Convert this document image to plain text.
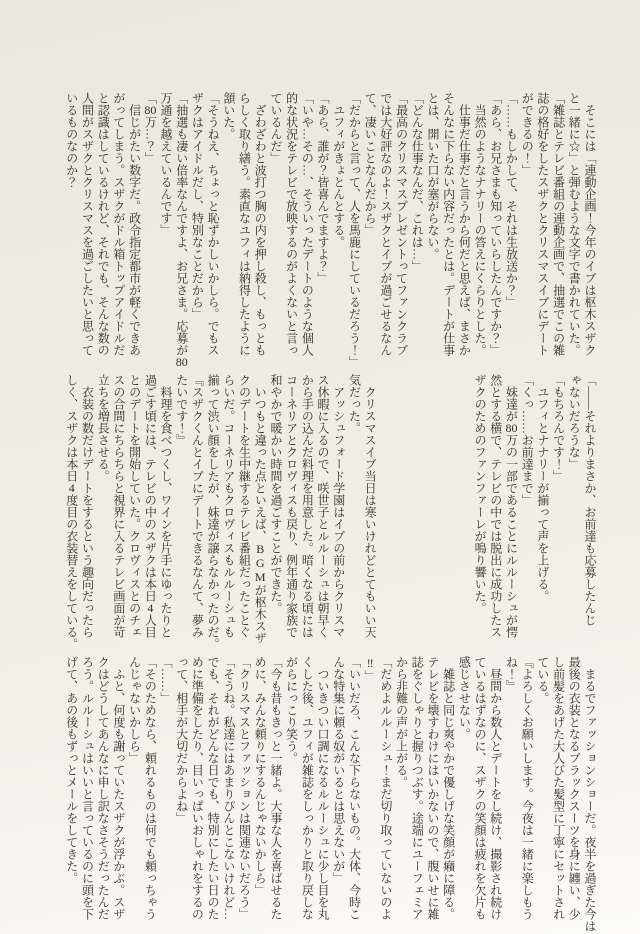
　そこには「連動企画！今年のイブは枢木スザク
と一緒に☆」と弾むような文字で書かれていた。
「雑誌とテレビ番組の連動企画で、抽選でこの雑
誌の格好をしたスザクとクリスマスイブにデート
ができるの！」
「……もしかして、それは生放送か？」
「あら、お兄さまも知っていらしたんですか？」
　当然のようなナナリーの答えにくらりとした。
　仕事だ仕事だと言うから何だと思えば、まさか
そんなに下らない内容だったとは。デートが仕事
とは、開いた口が塞がらない。
「どんな仕事なんだ、これは…」
「最高のクリスマスプレゼントってファンクラブ
では大好評なのよ！スザクとイブが過ごせるなん
て、凄いことなんだから」
「だからと言って、人を馬鹿にしているだろう！」
　ユフィがきょとんとする。
「あら、誰が？皆喜んでますよ？」
「いや…その…、そういったデートのような個人
的な状況をテレビで放映するのがよくないと言っ
ているんだ」
　ざわざわと波打つ胸の内を押し殺し、もっとも
らしく取り繕う。素直なユフィは納得したように
頷いた。
「そうねえ、ちょっと恥ずかしいかしら。でもス
ザクはアイドルだし、特別なことだから」
「抽選も凄い倍率なんですよ、お兄さま。応募が80
万通を越えているんです」
「80万…？」
　信じがたい数字だ。政令指定都市が軽くできあ
がってしまう。スザクがドル箱トップアイドルだ
と認識はしているけれど、それでも、そんな数の
人間がスザクとクリスマスを過ごしたいと思って
いるものなのか？
「――それよりまさか、お前達も応募したんじ
ゃないだろうな」
「もちろんです！」
　ユフィとナナリーが揃って声を上げる。
「くっ……お前達まで」
　妹達が80万の一部であることにルルーシュが愕
然とする横で、テレビの中では脱出に成功したス
ザクのためのファンファーレが鳴り響いた。
　クリスマスイブ当日は寒いけれどとてもいい天
気だった。
　アッシュフォード学園はイブの前からクリスマ
ス休暇に入るので、咲世子とルルーシュは朝早く
から手の込んだ料理を用意した。暗くなる頃には
コーネリアとクロヴィスも戻り、例年通り家族で
和やかで暖かい時間を過ごすことができた。
　いつもと違った点といえば、BGMが枢木スザ
クのデートを生中継するテレビ番組だったことぐ
らいだ。コーネリアもクロヴィスもルルーシュも
揃って渋い顔をしたが、妹達が譲らなかったのだ。
『スザクくんとイブにデートできるなんて、夢み
たいです！』
　料理を食べつくし、ワインを片手にゆったりと
過ごす頃には、テレビの中のスザクは本日4人目
とのデートを開始していた。クロヴィスとのチェ
スの合間にちらちらと視界に入るテレビ画面が苛
立ちを増長させる。
　衣装の数だけデートをするという趣向だったら
しく、スザクは本日4度目の衣装替えをしている。
　まるでファッションショーだ。夜半を過ぎた今は
最後の衣装となるブラックスーツを身に纏い、少
し前髪をあげた大人びた髪型に丁寧にセットされ
ている。
『よろしくお願いします。今夜は一緒に楽しもう
ね！』
　昼間から数人とデートをし続け、撮影され続け
ているはずなのに、スザクの笑顔は疲れを欠片も
感じさせない。
　雑誌と同じ爽やかで優しげな笑顔が癪に障る。
テレビを壊すわけにはいかないので、腹いせに雑
誌をぐしゃりと握りつぶす。途端にユーフェミア
から非難の声が上がる。
「だめよルルーシュ！まだ切り取っていないのよ
‼」
「いいだろ、こんな下らないもの。大体、今時こ
んな特集に頼る奴がいるとは思えないが」
　ついきつい口調になるルルーシュに少し目を丸
くした後、ユフィが雑誌をしっかりと取り戻しな
がらにっこり笑う。
「今も昔もきっと一緒よ。大事な人を喜ばせるた
めに、みんな頼りにするんじゃないかしら」
「クリスマスとファッションは関連ないだろう」
「そうね。私達にはあまりぴんとこないけれど…
でも、それがどんな日でも、特別にしたい日のた
めに準備をしたり、目いっぱいおしゃれをするの
って、相手が大切だからよね」
「……」
「そのためなら、頼れるものは何でも頼っちゃう
んじゃないかしら」
　ふと、何度も謝っていたスザクが浮かぶ。スザ
クはどうしてあんなに申し訳なさそうだったんだ
ろう。ルルーシュはいいと言っているのに頭を下
げて、あの後もずっとメールをしてきた。
